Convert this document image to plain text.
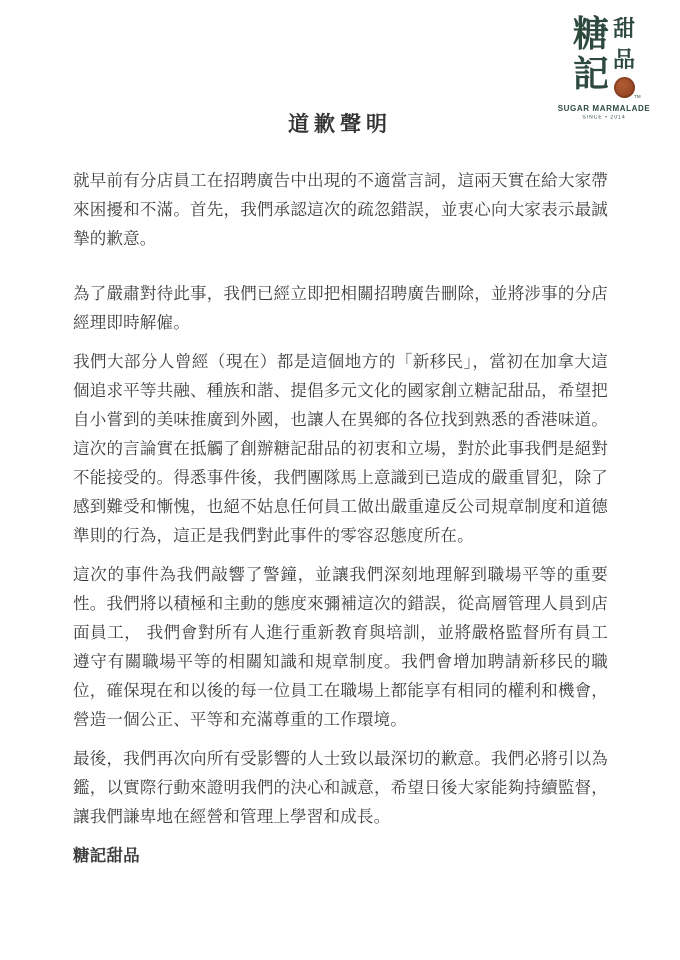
糖
記
甜
品
TM
SUGAR MARMALADE
SINCE • 2014
道歉聲明

就早前有分店員工在招聘廣告中出現的不適當言詞，這兩天實在給大家帶來困擾和不滿。首先，我們承認這次的疏忽錯誤，並衷心向大家表示最誠摯的歉意。

為了嚴肅對待此事，我們已經立即把相關招聘廣告刪除，並將涉事的分店經理即時解僱。

我們大部分人曾經（現在）都是這個地方的「新移民」，當初在加拿大這個追求平等共融、種族和諧、提倡多元文化的國家創立糖記甜品，希望把自小嘗到的美味推廣到外國，也讓人在異鄉的各位找到熟悉的香港味道。這次的言論實在抵觸了創辦糖記甜品的初衷和立場，對於此事我們是絕對不能接受的。得悉事件後，我們團隊馬上意識到已造成的嚴重冒犯，除了感到難受和慚愧，也絕不姑息任何員工做出嚴重違反公司規章制度和道德準則的行為，這正是我們對此事件的零容忍態度所在。

這次的事件為我們敲響了警鐘，並讓我們深刻地理解到職場平等的重要性。我們將以積極和主動的態度來彌補這次的錯誤，從高層管理人員到店面員工， 我們會對所有人進行重新教育與培訓，並將嚴格監督所有員工遵守有關職場平等的相關知識和規章制度。我們會增加聘請新移民的職位，確保現在和以後的每一位員工在職場上都能享有相同的權利和機會，營造一個公正、平等和充滿尊重的工作環境。

最後，我們再次向所有受影響的人士致以最深切的歉意。我們必將引以為鑑，以實際行動來證明我們的決心和誠意，希望日後大家能夠持續監督，讓我們謙卑地在經營和管理上學習和成長。

糖記甜品
